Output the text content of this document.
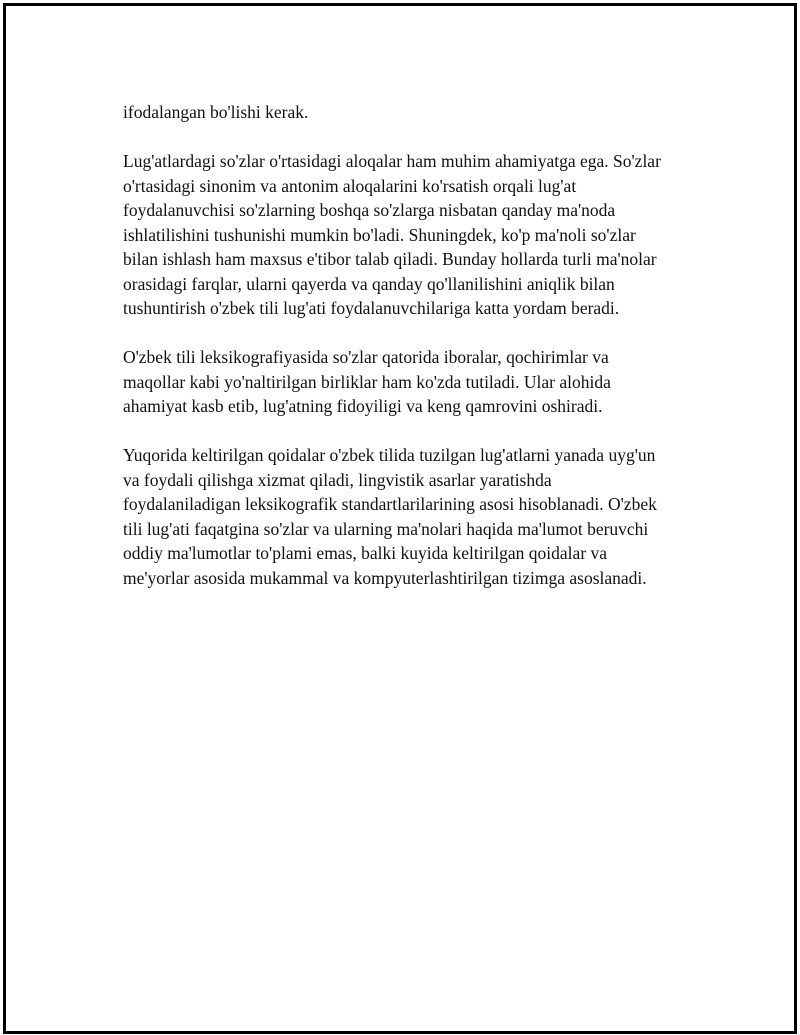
ifodalangan bo'lishi kerak.

Lug'atlardagi so'zlar o'rtasidagi aloqalar ham muhim ahamiyatga ega. So'zlar
o'rtasidagi sinonim va antonim aloqalarini ko'rsatish orqali lug'at
foydalanuvchisi so'zlarning boshqa so'zlarga nisbatan qanday ma'noda
ishlatilishini tushunishi mumkin bo'ladi. Shuningdek, ko'p ma'noli so'zlar
bilan ishlash ham maxsus e'tibor talab qiladi. Bunday hollarda turli ma'nolar
orasidagi farqlar, ularni qayerda va qanday qo'llanilishini aniqlik bilan
tushuntirish o'zbek tili lug'ati foydalanuvchilariga katta yordam beradi.

O'zbek tili leksikografiyasida so'zlar qatorida iboralar, qochirimlar va
maqollar kabi yo'naltirilgan birliklar ham ko'zda tutiladi. Ular alohida
ahamiyat kasb etib, lug'atning fidoyiligi va keng qamrovini oshiradi.

Yuqorida keltirilgan qoidalar o'zbek tilida tuzilgan lug'atlarni yanada uyg'un
va foydali qilishga xizmat qiladi, lingvistik asarlar yaratishda
foydalaniladigan leksikografik standartlarilarining asosi hisoblanadi. O'zbek
tili lug'ati faqatgina so'zlar va ularning ma'nolari haqida ma'lumot beruvchi
oddiy ma'lumotlar to'plami emas, balki kuyida keltirilgan qoidalar va
me'yorlar asosida mukammal va kompyuterlashtirilgan tizimga asoslanadi.
